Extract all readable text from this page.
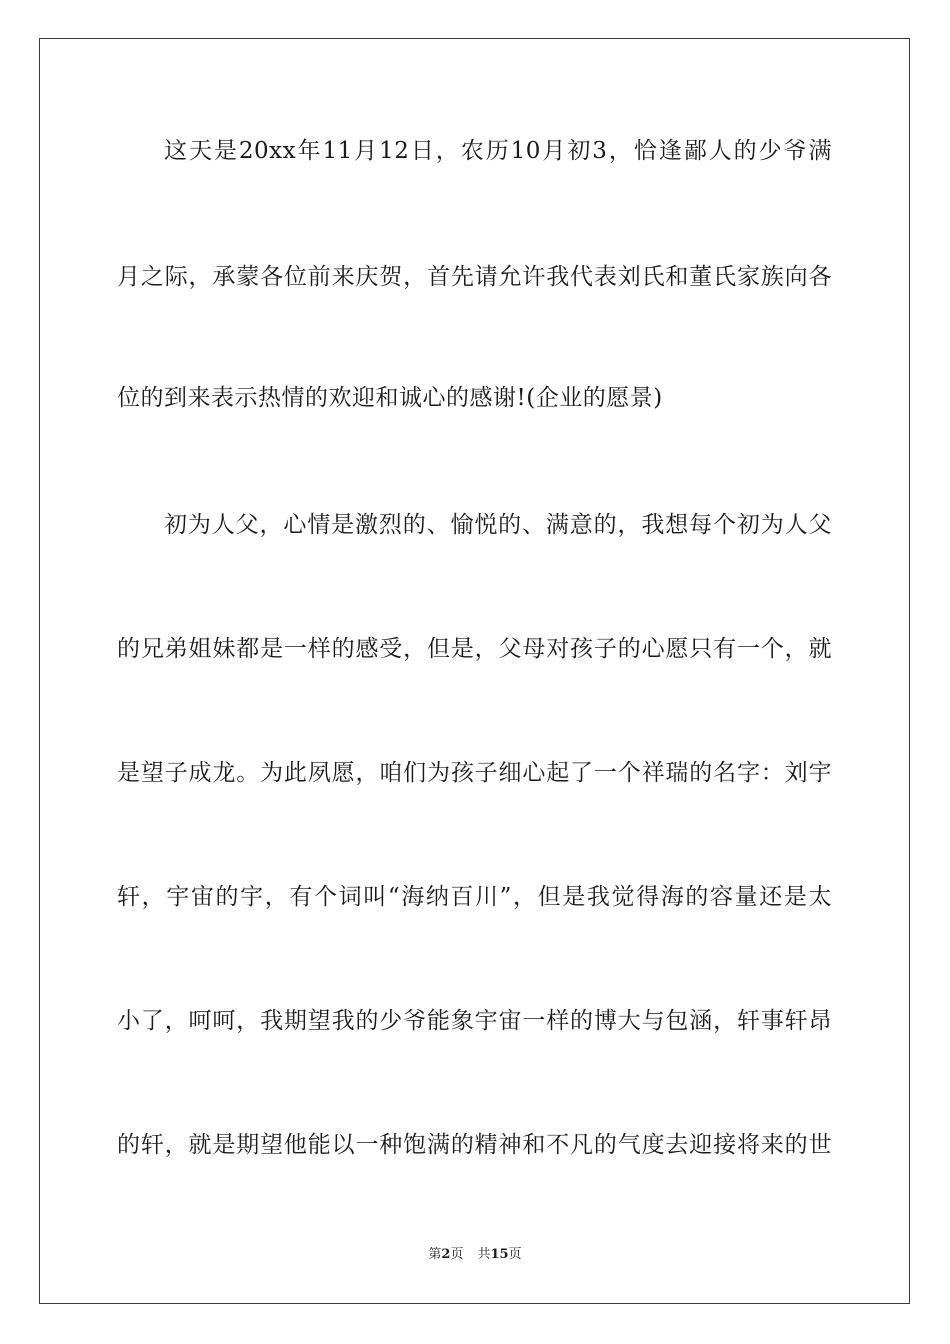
这天是20xx年11月12日，农历10月初3，恰逢鄙人的少爷满
月之际，承蒙各位前来庆贺，首先请允许我代表刘氏和董氏家族向各
位的到来表示热情的欢迎和诚心的感谢!(企业的愿景)
初为人父，心情是激烈的、愉悦的、满意的，我想每个初为人父
的兄弟姐妹都是一样的感受，但是，父母对孩子的心愿只有一个，就
是望子成龙。为此夙愿，咱们为孩子细心起了一个祥瑞的名字：刘宇
轩，宇宙的宇，有个词叫“海纳百川”，但是我觉得海的容量还是太
小了，呵呵，我期望我的少爷能象宇宙一样的博大与包涵，轩事轩昂
的轩，就是期望他能以一种饱满的精神和不凡的气度去迎接将来的世
第2页 共15页
